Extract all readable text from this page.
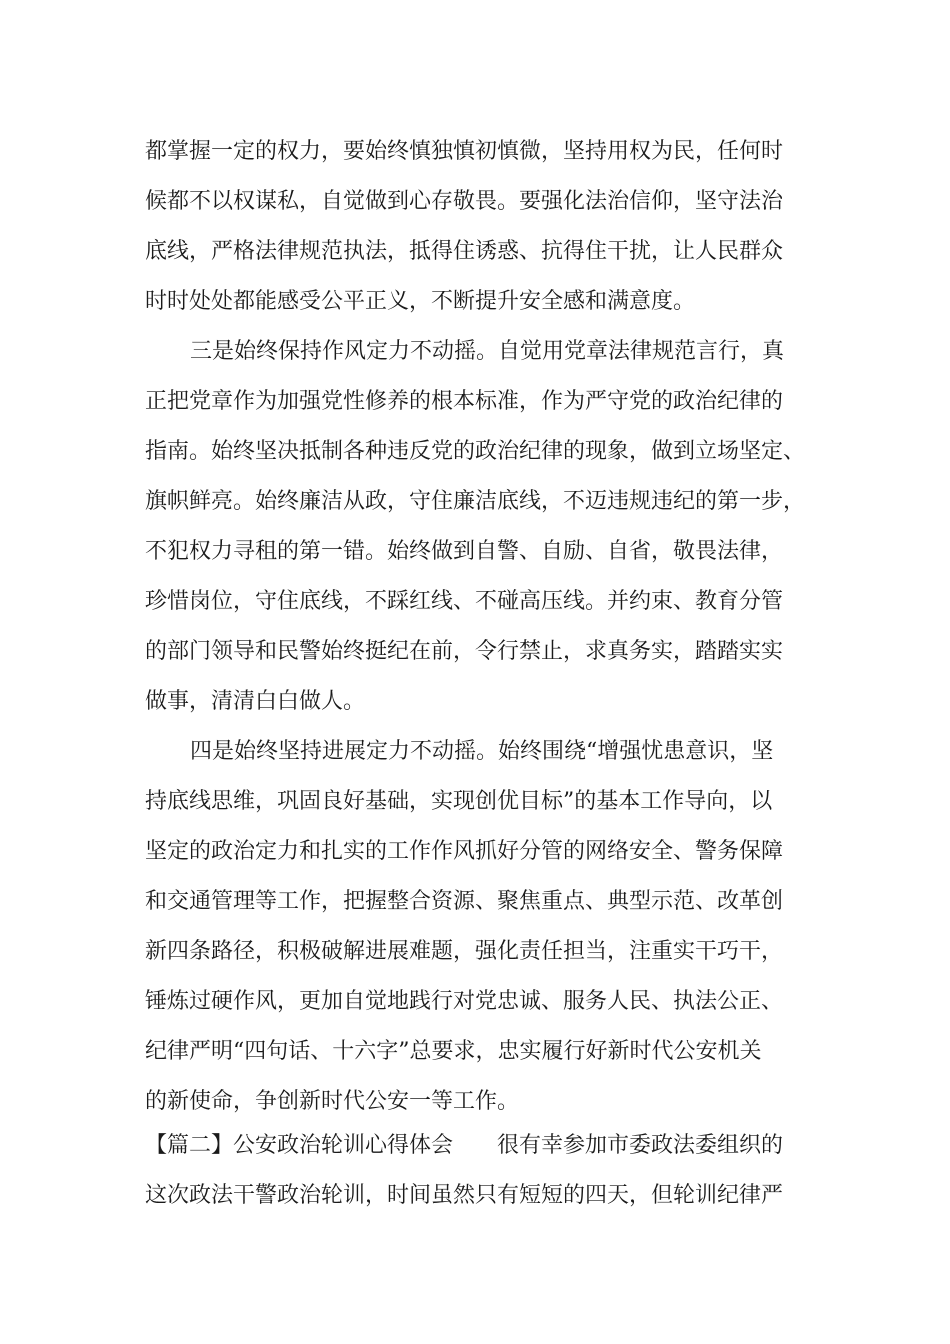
都掌握一定的权力，要始终慎独慎初慎微，坚持用权为民，任何时

候都不以权谋私，自觉做到心存敬畏。要强化法治信仰，坚守法治

底线，严格法律规范执法，抵得住诱惑、抗得住干扰，让人民群众

时时处处都能感受公平正义，不断提升安全感和满意度。

三是始终保持作风定力不动摇。自觉用党章法律规范言行，真

正把党章作为加强党性修养的根本标准，作为严守党的政治纪律的

指南。始终坚决抵制各种违反党的政治纪律的现象，做到立场坚定、

旗帜鲜亮。始终廉洁从政，守住廉洁底线，不迈违规违纪的第一步，

不犯权力寻租的第一错。始终做到自警、自励、自省，敬畏法律，

珍惜岗位，守住底线，不踩红线、不碰高压线。并约束、教育分管

的部门领导和民警始终挺纪在前，令行禁止，求真务实，踏踏实实

做事，清清白白做人。

四是始终坚持进展定力不动摇。始终围绕“增强忧患意识，坚

持底线思维，巩固良好基础，实现创优目标”的基本工作导向，以

坚定的政治定力和扎实的工作作风抓好分管的网络安全、警务保障

和交通管理等工作，把握整合资源、聚焦重点、典型示范、改革创

新四条路径，积极破解进展难题，强化责任担当，注重实干巧干，

锤炼过硬作风，更加自觉地践行对党忠诚、服务人民、执法公正、

纪律严明“四句话、十六字”总要求，忠实履行好新时代公安机关

的新使命，争创新时代公安一等工作。

【篇二】公安政治轮训心得体会　　很有幸参加市委政法委组织的

这次政法干警政治轮训，时间虽然只有短短的四天，但轮训纪律严
